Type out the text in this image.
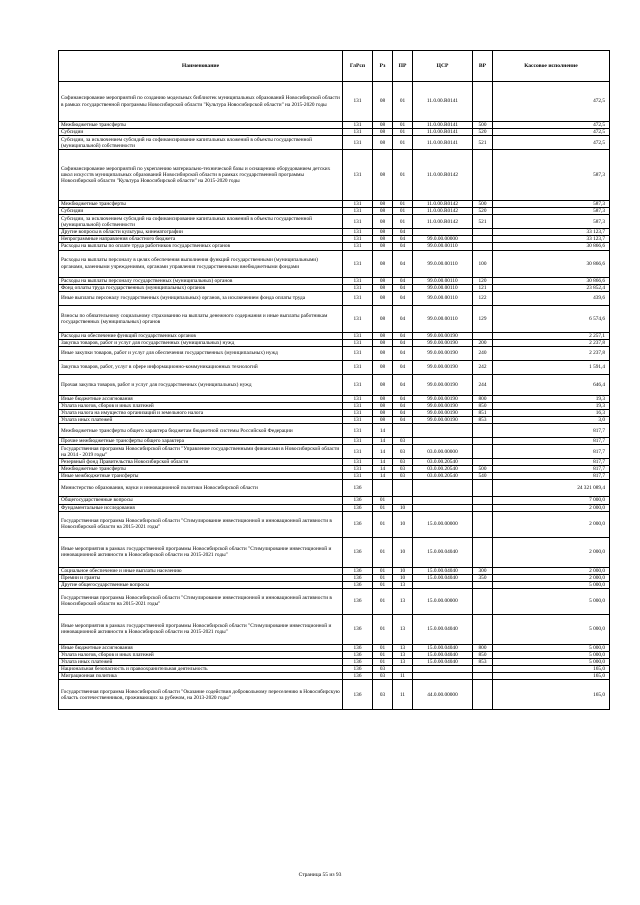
Наименование	ГлРсп	Рз	ПР	ЦСР	ВР	Кассовое исполнение
Софинансирование мероприятий по созданию модельных библиотек муниципальных образований Новосибирской области в рамках государственной программы Новосибирской области "Культура Новосибирской области" на 2015-2020 годы	131	08	01	11.0.00.R0141		472,5
Межбюджетные трансферты	131	08	01	11.0.00.R0141	500	472,5
Субсидии	131	08	01	11.0.00.R0141	520	472,5
Субсидии, за исключением субсидий на софинансирование капитальных вложений в объекты государственной (муниципальной) собственности	131	08	01	11.0.00.R0141	521	472,5
Софинансирование мероприятий по укреплению материально-технической базы и оснащению оборудованием детских школ искусств муниципальных образований Новосибирской области в рамках государственной программы Новосибирской области "Культура Новосибирской области" на 2015-2020 годы	131	08	01	11.0.00.R0142		587,3
Межбюджетные трансферты	131	08	01	11.0.00.R0142	500	587,3
Субсидии	131	08	01	11.0.00.R0142	520	587,3
Субсидии, за исключением субсидий на софинансирование капитальных вложений в объекты государственной (муниципальной) собственности	131	08	01	11.0.00.R0142	521	587,3
Другие вопросы в области культуры, кинематографии	131	08	04			33 123,7
Непрограммные направления областного бюджета	131	08	04	99.0.00.00000		33 123,7
Расходы на выплаты по оплате труда работников государственных органов	131	08	04	99.0.00.00110		30 866,6
Расходы на выплаты персоналу в целях обеспечения выполнения функций государственными (муниципальными) органами, казенными учреждениями, органами управления государственными внебюджетными фондами	131	08	04	99.0.00.00110	100	30 866,6
Расходы на выплаты персоналу государственных (муниципальных) органов	131	08	04	99.0.00.00110	120	30 866,6
Фонд оплаты труда государственных (муниципальных) органов	131	08	04	99.0.00.00110	121	23 852,4
Иные выплаты персоналу государственных (муниципальных) органов, за исключением фонда оплаты труда	131	08	04	99.0.00.00110	122	439,6
Взносы по обязательному социальному страхованию на выплаты денежного содержания и иные выплаты работникам государственных (муниципальных) органов	131	08	04	99.0.00.00110	129	6 574,6
Расходы на обеспечение функций государственных органов	131	08	04	99.0.00.00190		2 257,1
Закупка товаров, работ и услуг для государственных (муниципальных) нужд	131	08	04	99.0.00.00190	200	2 237,8
Иные закупки товаров, работ и услуг для обеспечения государственных (муниципальных) нужд	131	08	04	99.0.00.00190	240	2 237,8
Закупка товаров, работ, услуг в сфере информационно-коммуникационных технологий	131	08	04	99.0.00.00190	242	1 591,4
Прочая закупка товаров, работ и услуг для государственных (муниципальных) нужд	131	08	04	99.0.00.00190	244	646,4
Иные бюджетные ассигнования	131	08	04	99.0.00.00190	800	19,3
Уплата налогов, сборов и иных платежей	131	08	04	99.0.00.00190	850	19,3
Уплата налога на имущество организаций и земельного налога	131	08	04	99.0.00.00190	851	16,3
Уплата иных платежей	131	08	04	99.0.00.00190	853	3,0
Межбюджетные трансферты общего характера бюджетам бюджетной системы Российской Федерации	131	14				817,7
Прочие межбюджетные трансферты общего характера	131	14	03			817,7
Государственная программа Новосибирской области "Управление государственными финансами в Новосибирской области на 2014 - 2019 годы"	131	14	03	03.0.00.00000		817,7
Резервный фонд Правительства Новосибирской области	131	14	03	03.0.00.20540		817,7
Межбюджетные трансферты	131	14	03	03.0.00.20540	500	817,7
Иные межбюджетные трансферты	131	14	03	03.0.00.20540	540	817,7
Министерство образования, науки и инновационной политики Новосибирской области	136					24 321 089,4
Общегосударственные вопросы	136	01				7 000,0
Фундаментальные исследования	136	01	10			2 000,0
Государственная программа Новосибирской области "Стимулирование инвестиционной и инновационной активности в Новосибирской области на 2015-2021 годы"	136	01	10	15.0.00.00000		2 000,0
Иные мероприятия в рамках государственной программы Новосибирской области "Стимулирование инвестиционной и инновационной активности в Новосибирской области на 2015-2021 годы"	136	01	10	15.0.00.04040		2 000,0
Социальное обеспечение и иные выплаты населению	136	01	10	15.0.00.04040	300	2 000,0
Премии и гранты	136	01	10	15.0.00.04040	350	2 000,0
Другие общегосударственные вопросы	136	01	13			5 000,0
Государственная программа Новосибирской области "Стимулирование инвестиционной и инновационной активности в Новосибирской области на 2015-2021 годы"	136	01	13	15.0.00.00000		5 000,0
Иные мероприятия в рамках государственной программы Новосибирской области "Стимулирование инвестиционной и инновационной активности в Новосибирской области на 2015-2021 годы"	136	01	13	15.0.00.04040		5 000,0
Иные бюджетные ассигнования	136	01	13	15.0.00.04040	800	5 000,0
Уплата налогов, сборов и иных платежей	136	01	13	15.0.00.04040	850	5 000,0
Уплата иных платежей	136	01	13	15.0.00.04040	853	5 000,0
Национальная безопасность и правоохранительная деятельность	136	03				165,0
Миграционная политика	136	03	11			165,0
Государственная программа Новосибирской области "Оказание содействия добровольному переселению в Новосибирскую область соотечественников, проживающих за рубежом, на 2013-2020 годы"	136	03	11	44.0.00.00000		165,0
Страница 55 из 93
